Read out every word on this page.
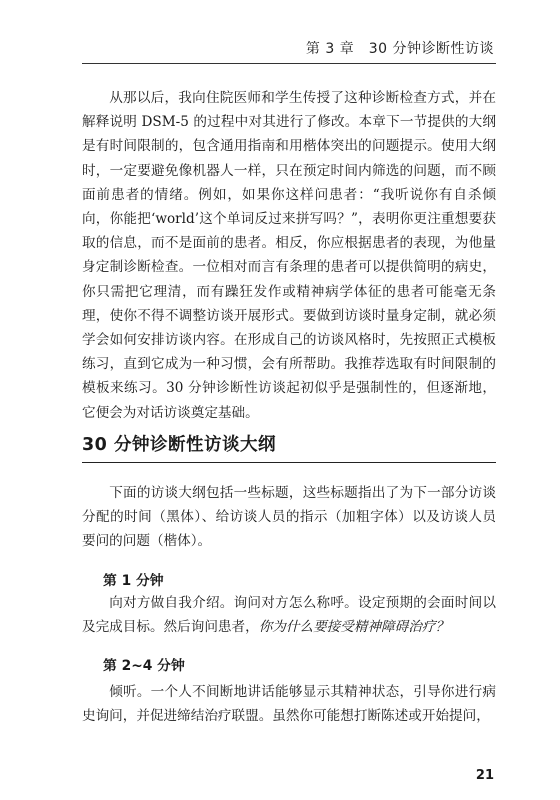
第 3 章　30 分钟诊断性访谈

从那以后，我向住院医师和学生传授了这种诊断检查方式，并在解释说明 DSM-5 的过程中对其进行了修改。本章下一节提供的大纲是有时间限制的，包含通用指南和用楷体突出的问题提示。使用大纲时，一定要避免像机器人一样，只在预定时间内筛选的问题，而不顾面前患者的情绪。例如，如果你这样问患者：“我听说你有自杀倾向，你能把‘world’这个单词反过来拼写吗？”，表明你更注重想要获取的信息，而不是面前的患者。相反，你应根据患者的表现，为他量身定制诊断检查。一位相对而言有条理的患者可以提供简明的病史，你只需把它理清，而有躁狂发作或精神病学体征的患者可能毫无条理，使你不得不调整访谈开展形式。要做到访谈时量身定制，就必须学会如何安排访谈内容。在形成自己的访谈风格时，先按照正式模板练习，直到它成为一种习惯，会有所帮助。我推荐选取有时间限制的模板来练习。30 分钟诊断性访谈起初似乎是强制性的，但逐渐地，它便会为对话访谈奠定基础。

30 分钟诊断性访谈大纲

下面的访谈大纲包括一些标题，这些标题指出了为下一部分访谈分配的时间（黑体）、给访谈人员的指示（加粗字体）以及访谈人员要问的问题（楷体）。

第 1 分钟

向对方做自我介绍。询问对方怎么称呼。设定预期的会面时间以及完成目标。然后询问患者，你为什么要接受精神障碍治疗？

第 2~4 分钟

倾听。一个人不间断地讲话能够显示其精神状态，引导你进行病史询问，并促进缔结治疗联盟。虽然你可能想打断陈述或开始提问，

21
